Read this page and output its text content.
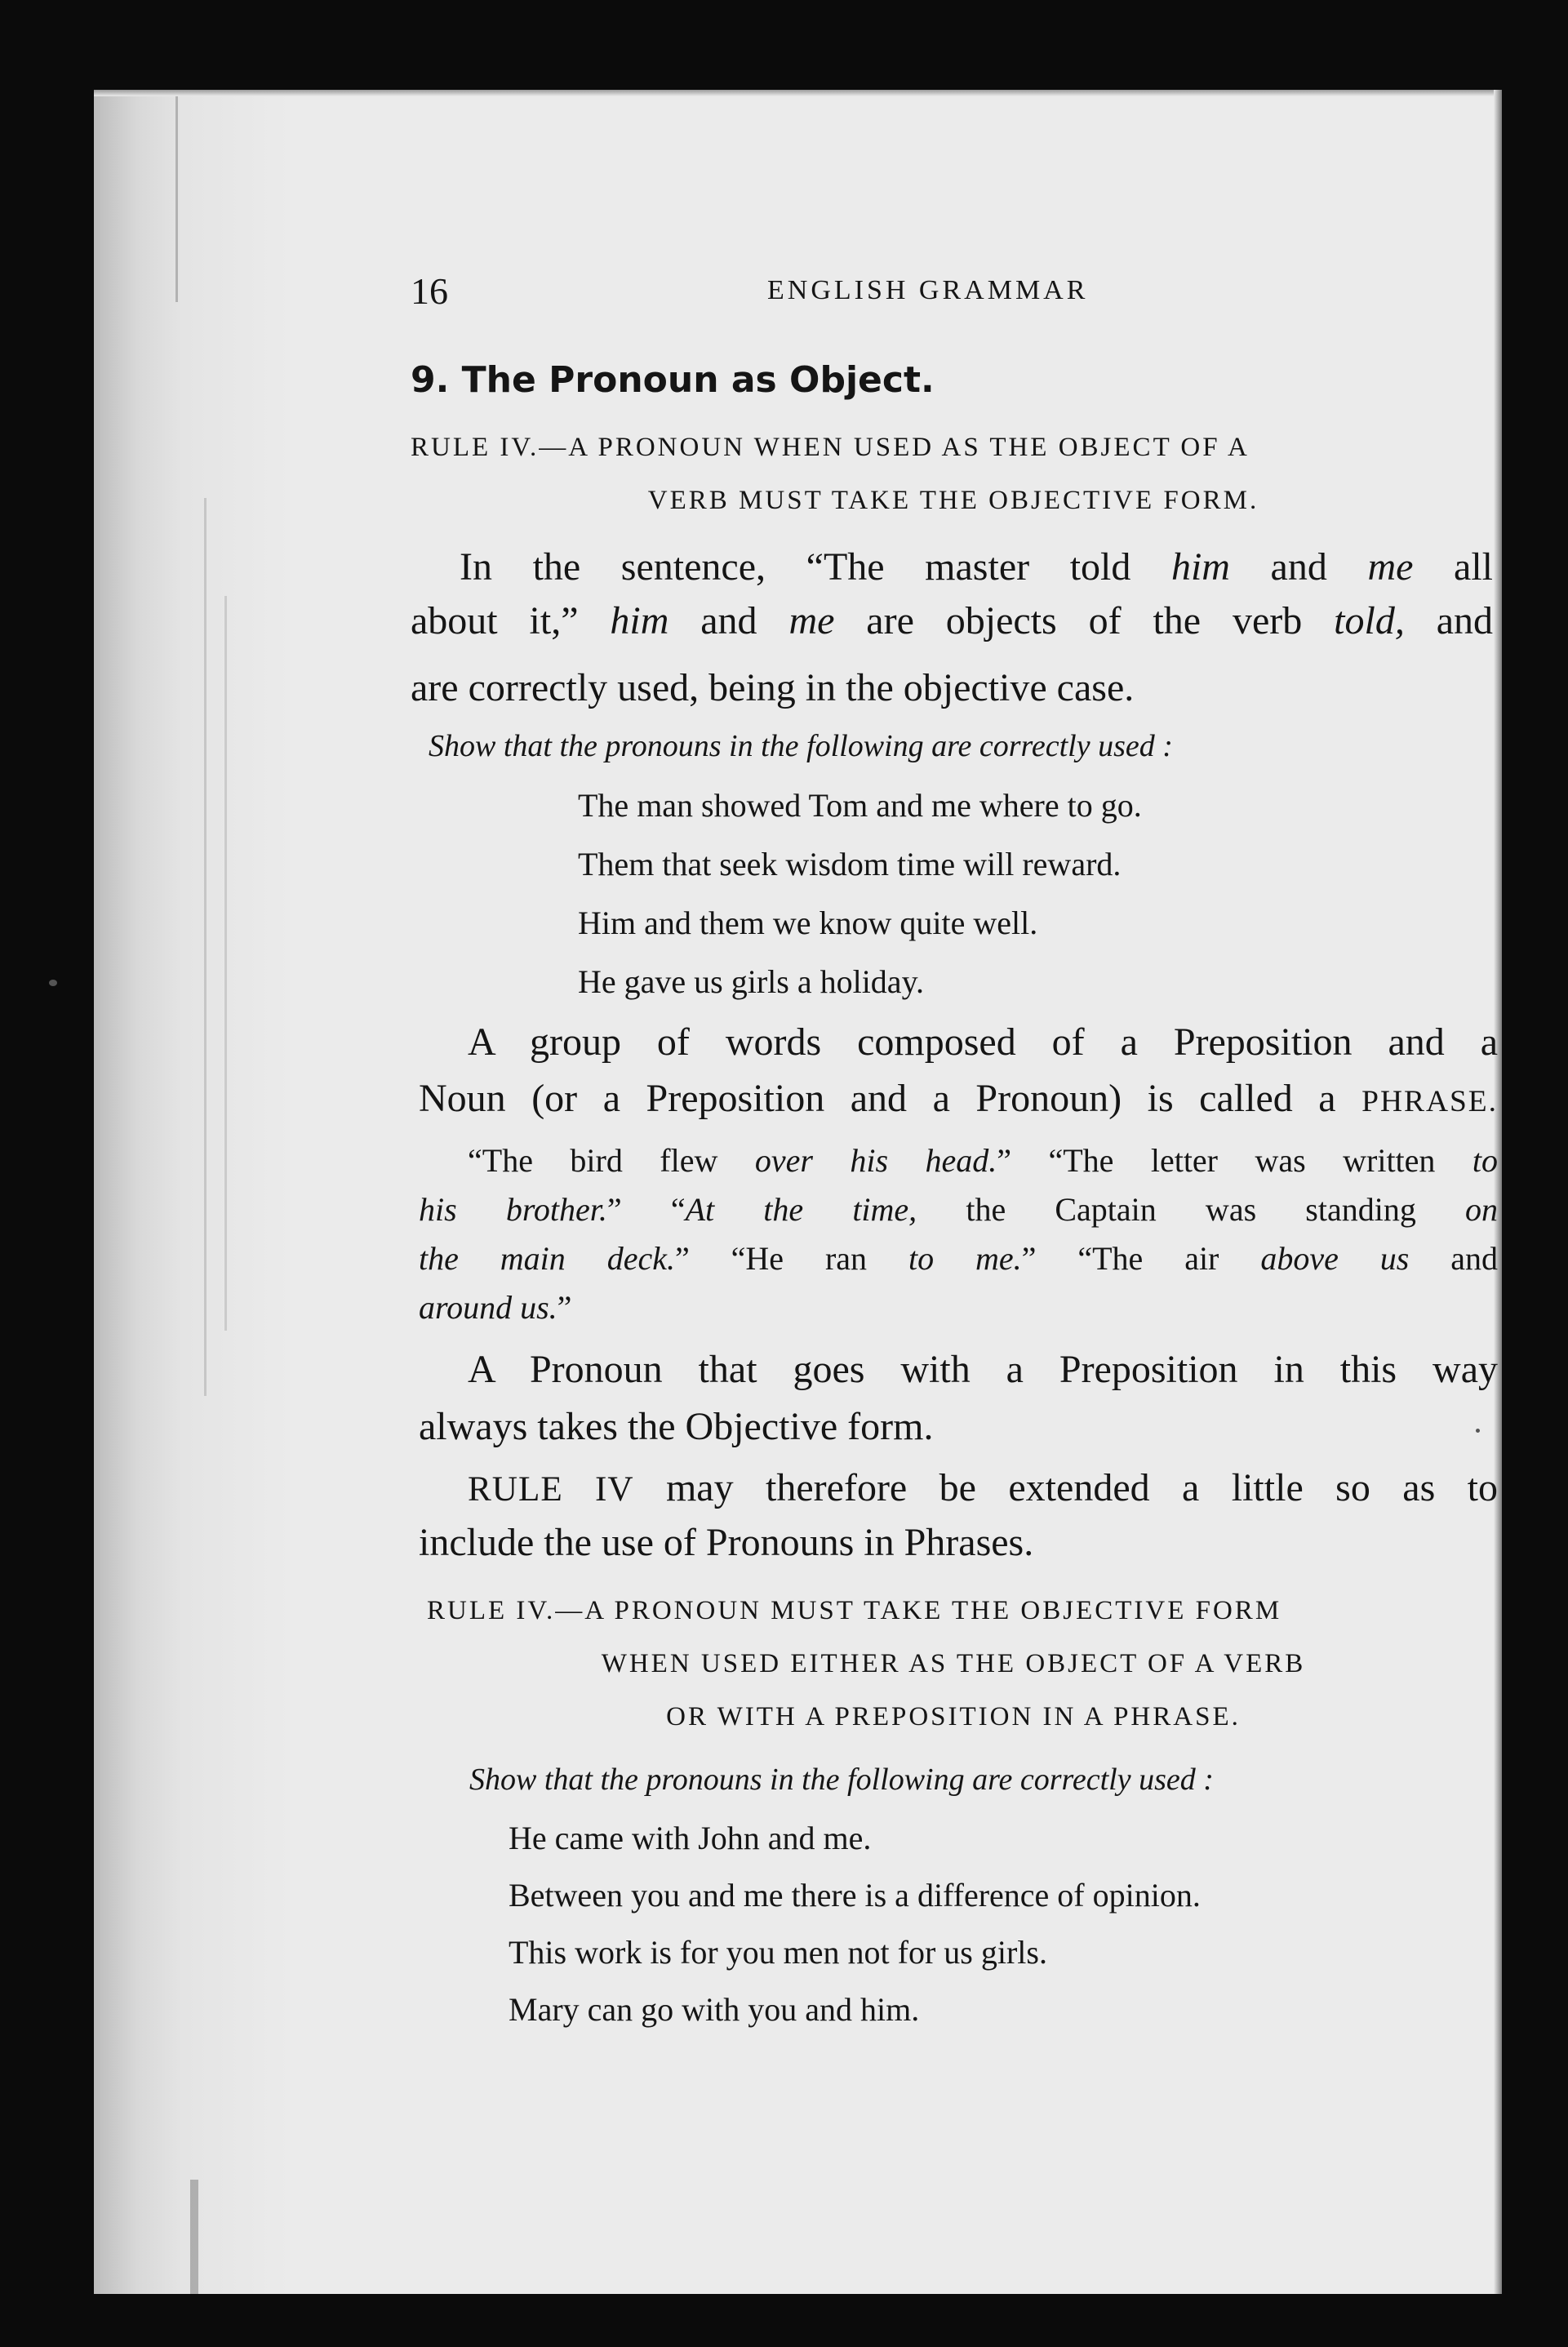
16	ENGLISH GRAMMAR
9. The Pronoun as Object.
RULE IV.—A PRONOUN WHEN USED AS THE OBJECT OF A
VERB MUST TAKE THE OBJECTIVE FORM.
In the sentence, “The master told him and me all
about it,” him and me are objects of the verb told, and
are correctly used, being in the objective case.
Show that the pronouns in the following are correctly used :
The man showed Tom and me where to go.
Them that seek wisdom time will reward.
Him and them we know quite well.
He gave us girls a holiday.
A group of words composed of a Preposition and a
Noun (or a Preposition and a Pronoun) is called a PHRASE.
“The bird flew over his head.” “The letter was written to
his brother.” “At the time, the Captain was standing on
the main deck.” “He ran to me.” “The air above us and
around us.”
A Pronoun that goes with a Preposition in this way
always takes the Objective form.
RULE IV may therefore be extended a little so as to
include the use of Pronouns in Phrases.
RULE IV.—A PRONOUN MUST TAKE THE OBJECTIVE FORM
WHEN USED EITHER AS THE OBJECT OF A VERB
OR WITH A PREPOSITION IN A PHRASE.
Show that the pronouns in the following are correctly used :
He came with John and me.
Between you and me there is a difference of opinion.
This work is for you men not for us girls.
Mary can go with you and him.
